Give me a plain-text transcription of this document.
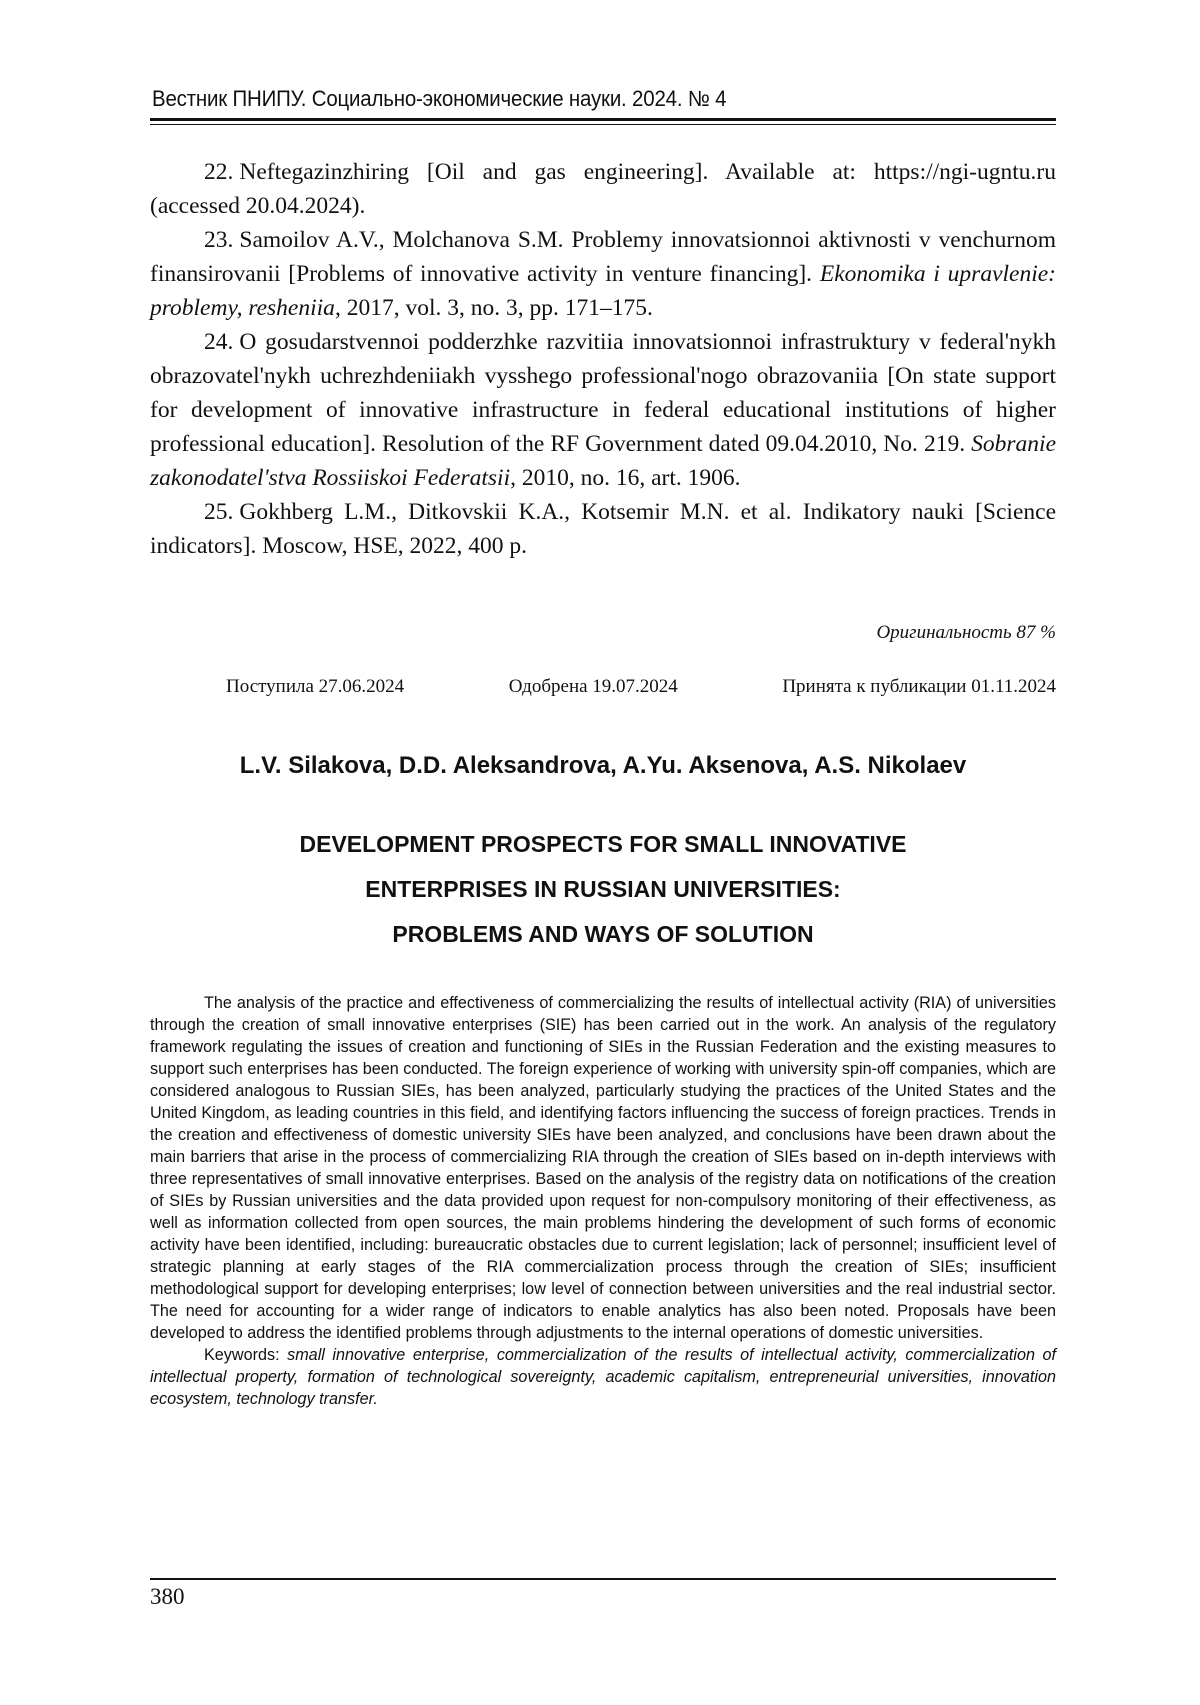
Вестник ПНИПУ. Социально-экономические науки. 2024. № 4

22. Neftegazinzhiring [Oil and gas engineering]. Available at: https://ngi-ugntu.ru (accessed 20.04.2024).

23. Samoilov A.V., Molchanova S.M. Problemy innovatsionnoi aktivnosti v venchurnom finansirovanii [Problems of innovative activity in venture financing]. Ekonomika i upravlenie: problemy, resheniia, 2017, vol. 3, no. 3, pp. 171–175.

24. O gosudarstvennoi podderzhke razvitiia innovatsionnoi infrastruktury v federal'nykh obrazovatel'nykh uchrezhdeniiakh vysshego professional'nogo obrazovaniia [On state support for development of innovative infrastructure in federal educational institutions of higher professional education]. Resolution of the RF Government dated 09.04.2010, No. 219. Sobranie zakonodatel'stva Rossiiskoi Federatsii, 2010, no. 16, art. 1906.

25. Gokhberg L.M., Ditkovskii K.A., Kotsemir M.N. et al. Indikatory nauki [Science indicators]. Moscow, HSE, 2022, 400 p.

Оригинальность 87 %
Поступила 27.06.2024	Одобрена 19.07.2024	Принята к публикации 01.11.2024
L.V. Silakova, D.D. Aleksandrova, A.Yu. Aksenova, A.S. Nikolaev
DEVELOPMENT PROSPECTS FOR SMALL INNOVATIVE
ENTERPRISES IN RUSSIAN UNIVERSITIES:
PROBLEMS AND WAYS OF SOLUTION

The analysis of the practice and effectiveness of commercializing the results of intellectual activity (RIA) of universities through the creation of small innovative enterprises (SIE) has been carried out in the work. An analysis of the regulatory framework regulating the issues of creation and functioning of SIEs in the Russian Federation and the existing measures to support such enterprises has been conducted. The foreign experience of working with university spin-off companies, which are considered analogous to Russian SIEs, has been analyzed, particularly studying the practices of the United States and the United Kingdom, as leading countries in this field, and identifying factors influencing the success of foreign practices. Trends in the creation and effectiveness of domestic university SIEs have been analyzed, and conclusions have been drawn about the main barriers that arise in the process of commercializing RIA through the creation of SIEs based on in-depth interviews with three representatives of small innovative enterprises. Based on the analysis of the registry data on notifications of the creation of SIEs by Russian universities and the data provided upon request for non-compulsory monitoring of their effectiveness, as well as information collected from open sources, the main problems hindering the development of such forms of economic activity have been identified, including: bureaucratic obstacles due to current legislation; lack of personnel; insufficient level of strategic planning at early stages of the RIA commercialization process through the creation of SIEs; insufficient methodological support for developing enterprises; low level of connection between universities and the real industrial sector. The need for accounting for a wider range of indicators to enable analytics has also been noted. Proposals have been developed to address the identified problems through adjustments to the internal operations of domestic universities.

Keywords: small innovative enterprise, commercialization of the results of intellectual activity, commercialization of intellectual property, formation of technological sovereignty, academic capitalism, entrepreneurial universities, innovation ecosystem, technology transfer.

380
